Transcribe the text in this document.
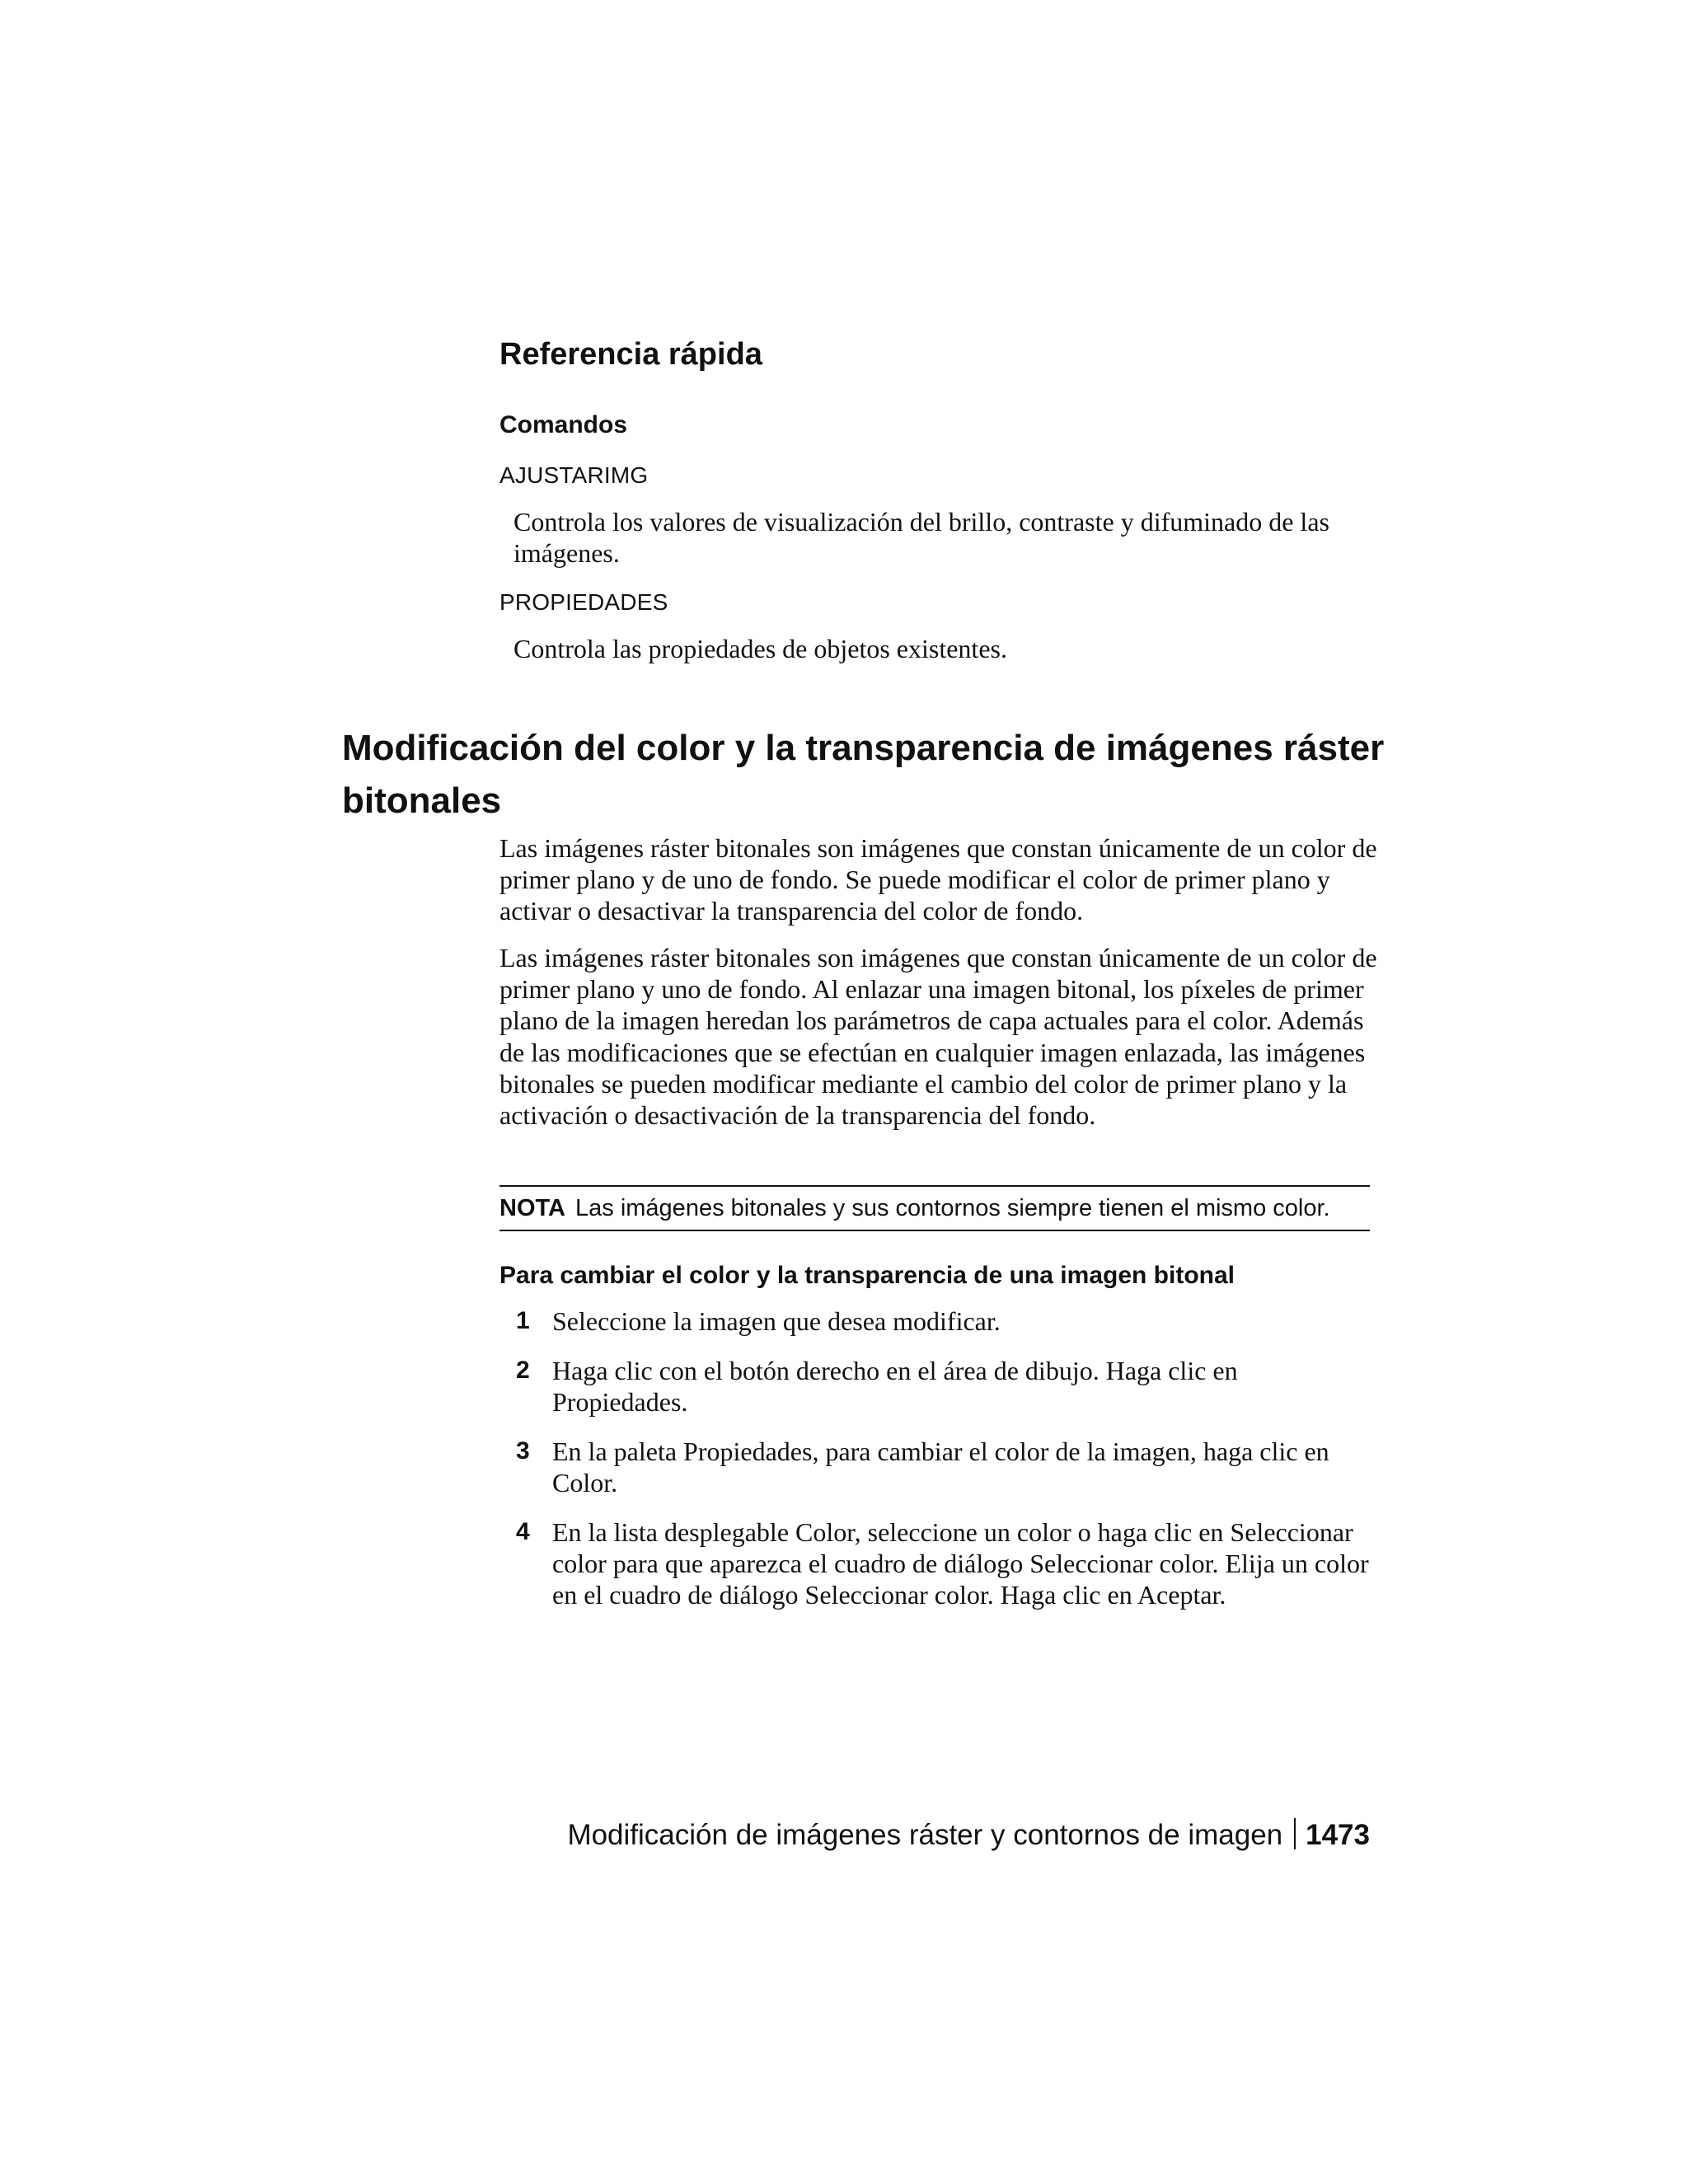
Referencia rápida
Comandos
AJUSTARIMG
Controla los valores de visualización del brillo, contraste y difuminado de las imágenes.
PROPIEDADES
Controla las propiedades de objetos existentes.
Modificación del color y la transparencia de imágenes ráster bitonales

Las imágenes ráster bitonales son imágenes que constan únicamente de un color de primer plano y de uno de fondo. Se puede modificar el color de primer plano y activar o desactivar la transparencia del color de fondo.

Las imágenes ráster bitonales son imágenes que constan únicamente de un color de primer plano y uno de fondo. Al enlazar una imagen bitonal, los píxeles de primer plano de la imagen heredan los parámetros de capa actuales para el color. Además de las modificaciones que se efectúan en cualquier imagen enlazada, las imágenes bitonales se pueden modificar mediante el cambio del color de primer plano y la activación o desactivación de la transparencia del fondo.

NOTA Las imágenes bitonales y sus contornos siempre tienen el mismo color.
Para cambiar el color y la transparencia de una imagen bitonal
1 Seleccione la imagen que desea modificar.
2 Haga clic con el botón derecho en el área de dibujo. Haga clic en Propiedades.
3 En la paleta Propiedades, para cambiar el color de la imagen, haga clic en Color.
4 En la lista desplegable Color, seleccione un color o haga clic en Seleccionar color para que aparezca el cuadro de diálogo Seleccionar color. Elija un color en el cuadro de diálogo Seleccionar color. Haga clic en Aceptar.
Modificación de imágenes ráster y contornos de imagen 1473
